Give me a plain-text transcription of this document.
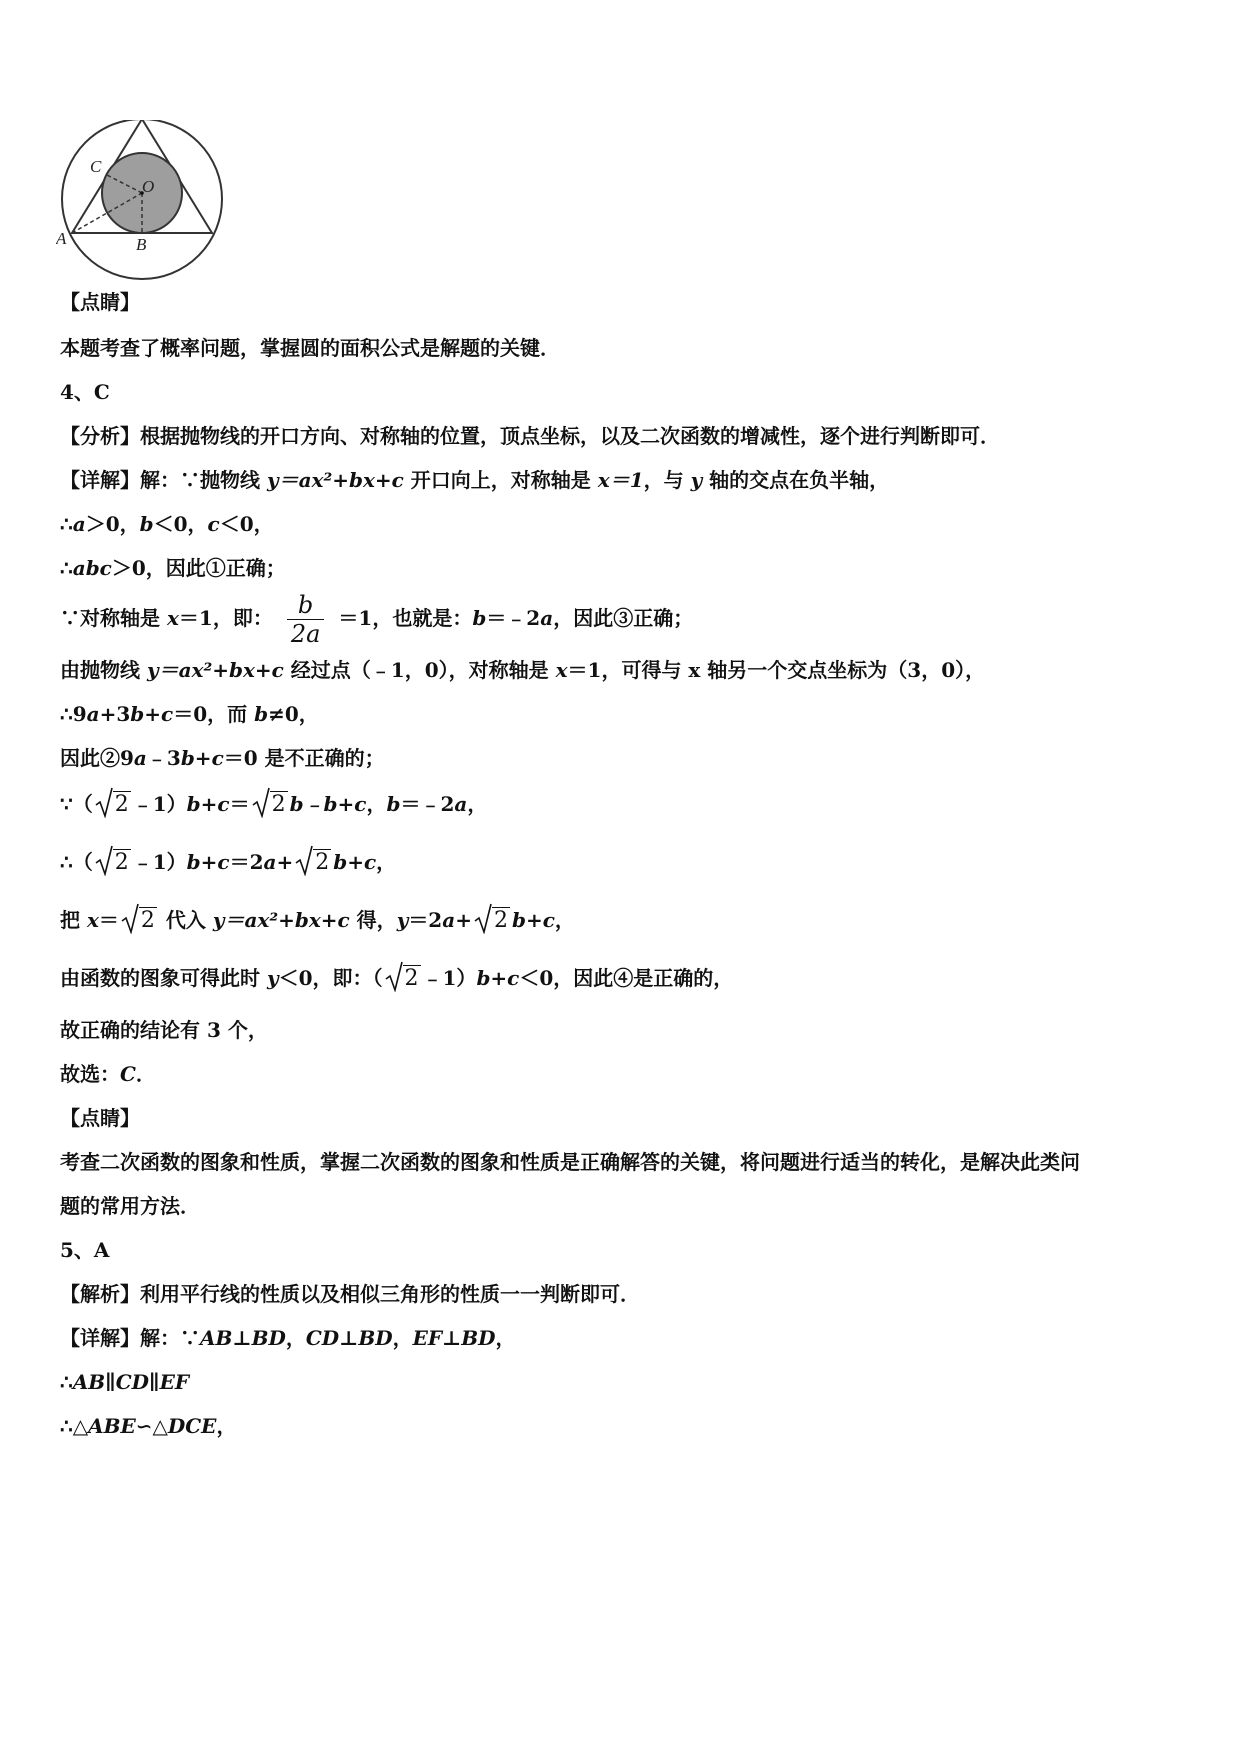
C
O
A	B
【点睛】
本题考查了概率问题，掌握圆的面积公式是解题的关键．
4、C
【分析】根据抛物线的开口方向、对称轴的位置，顶点坐标，以及二次函数的增减性，逐个进行判断即可．
【详解】解：∵抛物线 y＝ax²+bx+c 开口向上，对称轴是 x＝1，与 y 轴的交点在负半轴，
∴a＞0，b＜0，c＜0，
∴abc＞0，因此①正确；
∵对称轴是 x＝1，即： $\frac{b}{2a} =1$，也就是：b＝﹣2a，因此③正确；
由抛物线 y＝ax²+bx+c 经过点（﹣1，0），对称轴是 x＝1，可得与 x 轴另一个交点坐标为（3，0），
∴9a+3b+c＝0，而 b≠0，
因此②9a﹣3b+c＝0 是不正确的；
∵（ 2 ﹣1）b+c＝ 2 b﹣b+c，b＝﹣2a，
∴（ 2 ﹣1）b+c＝2a+ 2 b+c，
把 x＝ 2 代入 y＝ax²+bx+c 得，y＝2a+ 2 b+c，
由函数的图象可得此时 y＜0，即：（ 2 ﹣1）b+c＜0，因此④是正确的，
故正确的结论有 3 个，
故选：C．
【点睛】
考查二次函数的图象和性质，掌握二次函数的图象和性质是正确解答的关键，将问题进行适当的转化，是解决此类问
题的常用方法．
5、A
【解析】利用平行线的性质以及相似三角形的性质一一判断即可．
【详解】解：∵AB⊥BD，CD⊥BD，EF⊥BD，
∴AB∥CD∥EF
∴△ABE∽△DCE，
